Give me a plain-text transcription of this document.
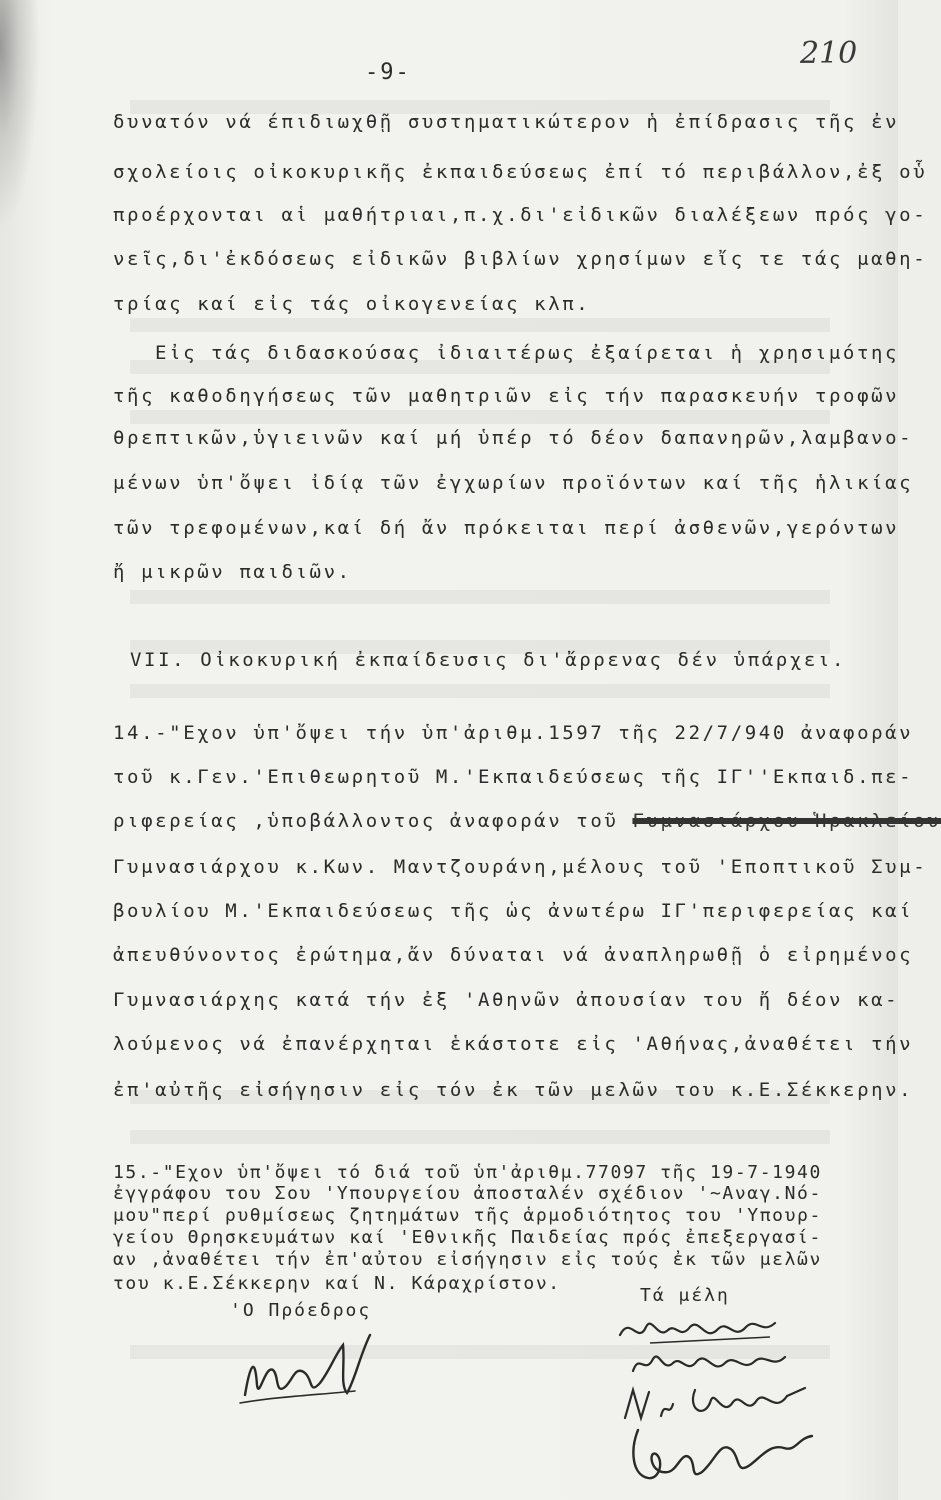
210
-9-
δυνατόν νά έπιδιωχθῇ συστηματικώτερον ἡ ἐπίδρασις τῆς ἐν
σχολείοις οἰκοκυρικῆς ἐκπαιδεύσεως ἐπί τό περιβάλλον,ἐξ οὗ
προέρχονται αἱ μαθήτριαι,π.χ.δι'εἰδικῶν διαλέξεων πρός γο-
νεῖς,δι'ἐκδόσεως εἰδικῶν βιβλίων χρησίμων εἴς τε τάς μαθη-
τρίας καί εἰς τάς οἰκογενείας κλπ.
Εἰς τάς διδασκούσας ἰδιαιτέρως ἐξαίρεται ἡ χρησιμότης
τῆς καθοδηγήσεως τῶν μαθητριῶν εἰς τήν παρασκευήν τροφῶν
θρεπτικῶν,ὑγιεινῶν καί μή ὑπέρ τό δέον δαπανηρῶν,λαμβανο-
μένων ὑπ'ὄψει ἰδίᾳ τῶν ἐγχωρίων προϊόντων καί τῆς ἡλικίας
τῶν τρεφομένων,καί δή ἄν πρόκειται περί ἀσθενῶν,γερόντων
ἤ μικρῶν παιδιῶν.
VII. Οἰκοκυρική ἐκπαίδευσις δι'ἄρρενας δέν ὑπάρχει.
14.-"Εχον ὑπ'ὄψει τήν ὑπ'ἀριθμ.1597 τῆς 22/7/940 ἀναφοράν
τοῦ κ.Γεν.'Επιθεωρητοῦ Μ.'Εκπαιδεύσεως τῆς ΙΓ''Εκπαιδ.πε-
ριφερείας ,ὑποβάλλοντος ἀναφοράν τοῦ Γυμνασιάρχου Ἡρακλείου
Γυμνασιάρχου κ.Κων. Μαντζουράνη,μέλους τοῦ 'Εποπτικοῦ Συμ-
βουλίου Μ.'Εκπαιδεύσεως τῆς ὡς ἀνωτέρω ΙΓ'περιφερείας καί
ἀπευθύνοντος ἐρώτημα,ἄν δύναται νά ἀναπληρωθῇ ὁ εἰρημένος
Γυμνασιάρχης κατά τήν ἐξ 'Αθηνῶν ἀπουσίαν του ἤ δέον κα-
λούμενος νά ἐπανέρχηται ἑκάστοτε εἰς 'Αθήνας,ἀναθέτει τήν
ἐπ'αὐτῆς εἰσήγησιν εἰς τόν ἐκ τῶν μελῶν του κ.Ε.Σέκκερην.
15.-"Εχον ὑπ'ὄψει τό διά τοῦ ὑπ'ἀριθμ.77097 τῆς 19-7-1940
ἐγγράφου του Σου 'Υπουργείου ἀποσταλέν σχέδιον '~Αναγ.Νό-
μου"περί ρυθμίσεως ζητημάτων τῆς ἁρμοδιότητος του 'Υπουρ-
γείου Θρησκευμάτων καί 'Εθνικῆς Παιδείας πρός ἐπεξεργασί-
αν ,ἀναθέτει τήν ἐπ'αὐτου εἰσήγησιν εἰς τούς ἐκ τῶν μελῶν
του κ.Ε.Σέκκερην καί Ν. Κάραχρίστον.
'Ο Πρόεδρος
Τά μέλη
